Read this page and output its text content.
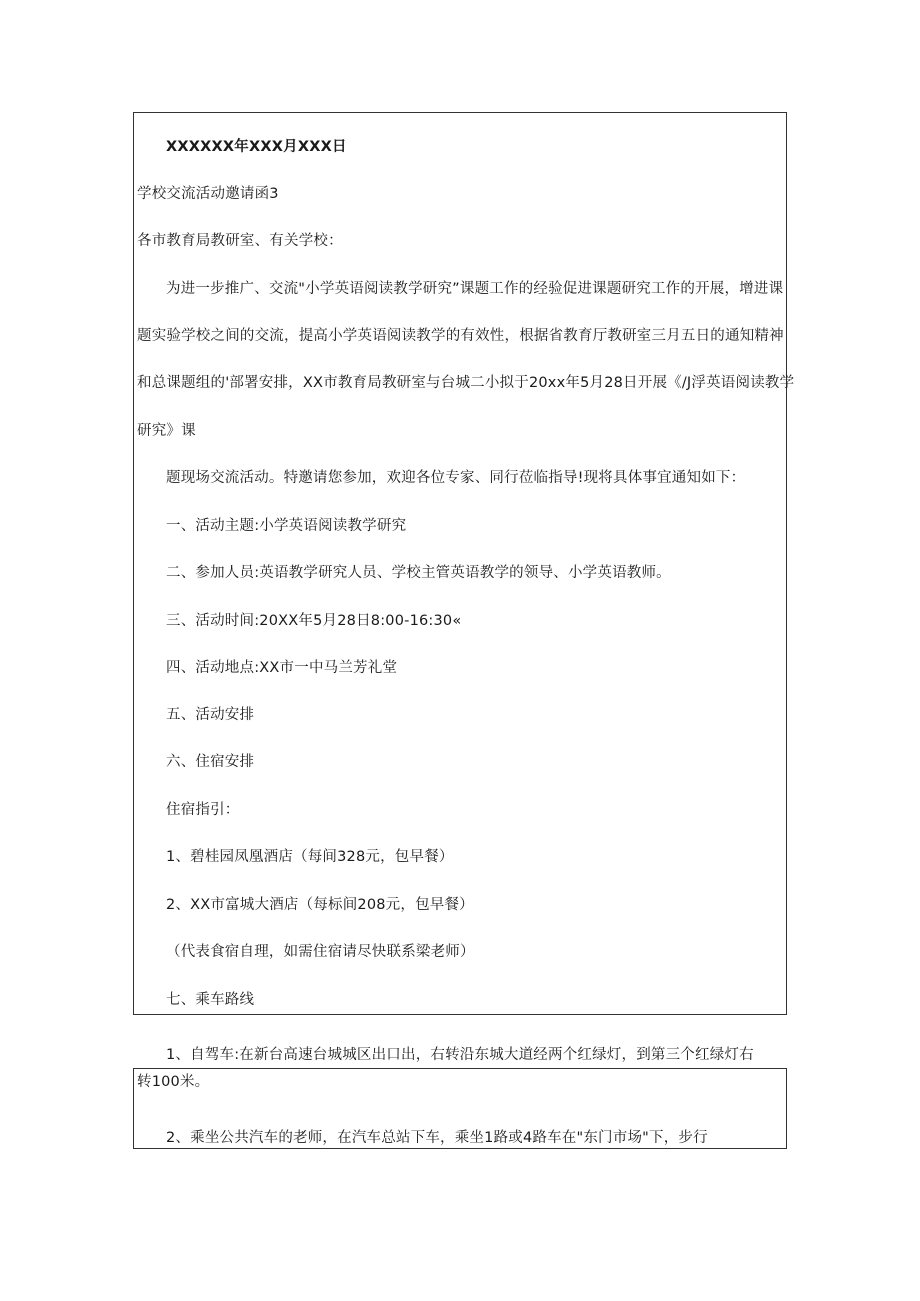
XXXXXX年XXX月XXX日
学校交流活动邀请函3
各市教育局教研室、有关学校：
为进一步推广、交流"小学英语阅读教学研究”课题工作的经验促进课题研究工作的开展，增进课
题实验学校之间的交流，提高小学英语阅读教学的有效性，根据省教育厅教研室三月五日的通知精神
和总课题组的'部署安排，XX市教育局教研室与台城二小拟于20xx年5月28日开展《/J浮英语阅读教学
研究》课
题现场交流活动。特邀请您参加，欢迎各位专家、同行莅临指导!现将具体事宜通知如下：
一、活动主题:小学英语阅读教学研究
二、参加人员:英语教学研究人员、学校主管英语教学的领导、小学英语教师。
三、活动时间:20XX年5月28日8:00-16:30«
四、活动地点:XX市一中马兰芳礼堂
五、活动安排
六、住宿安排
住宿指引：
1、碧桂园凤凰酒店（每间328元，包早餐）
2、XX市富城大酒店（每标间208元，包早餐）
（代表食宿自理，如需住宿请尽快联系梁老师）
七、乘车路线
1、自驾车:在新台高速台城城区出口出，右转沿东城大道经两个红绿灯，到第三个红绿灯右
转100米。
2、乘坐公共汽车的老师，在汽车总站下车，乘坐1路或4路车在"东门市场"下，步行
